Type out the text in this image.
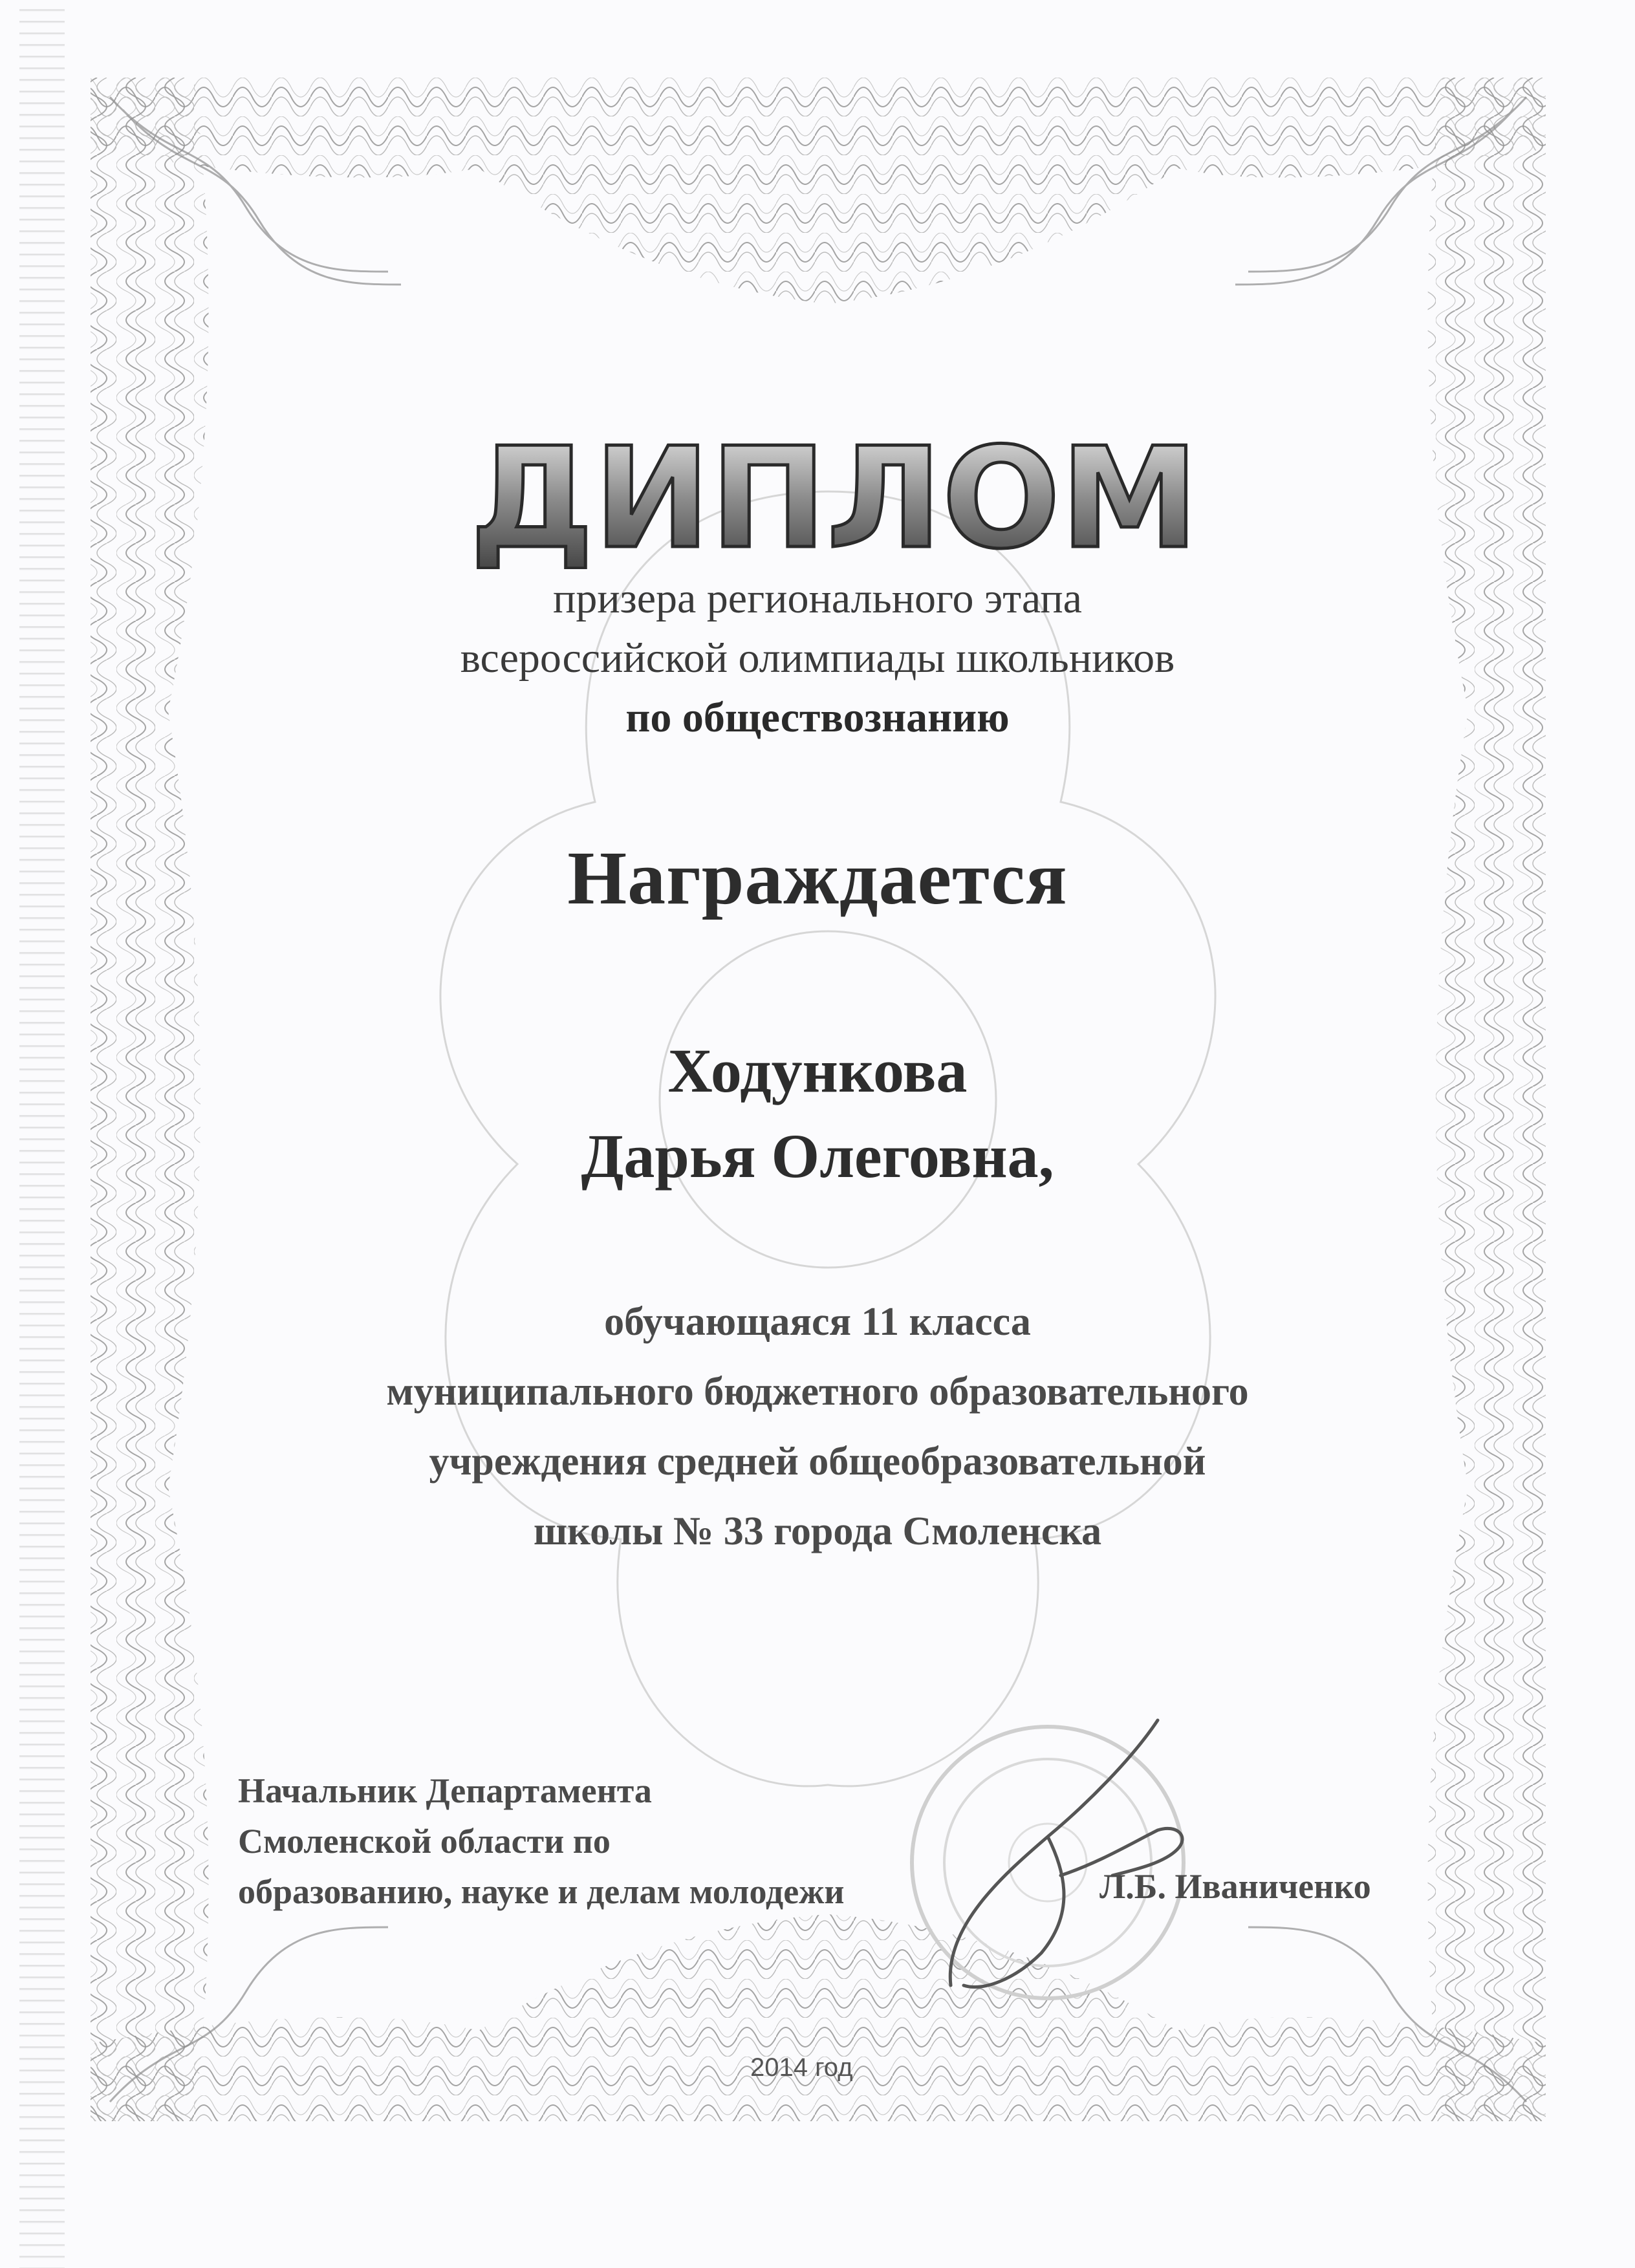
ДИПЛОМ
призера регионального этапа
всероссийской олимпиады школьников
по обществознанию
Награждается
Ходункова
Дарья Олеговна,
обучающаяся 11 класса
муниципального бюджетного образовательного
учреждения средней общеобразовательной
школы № 33 города Смоленска
Начальник Департамента
Смоленской области по
образованию, науке и делам молодежи	Л.Б. Иваниченко
2014 год
